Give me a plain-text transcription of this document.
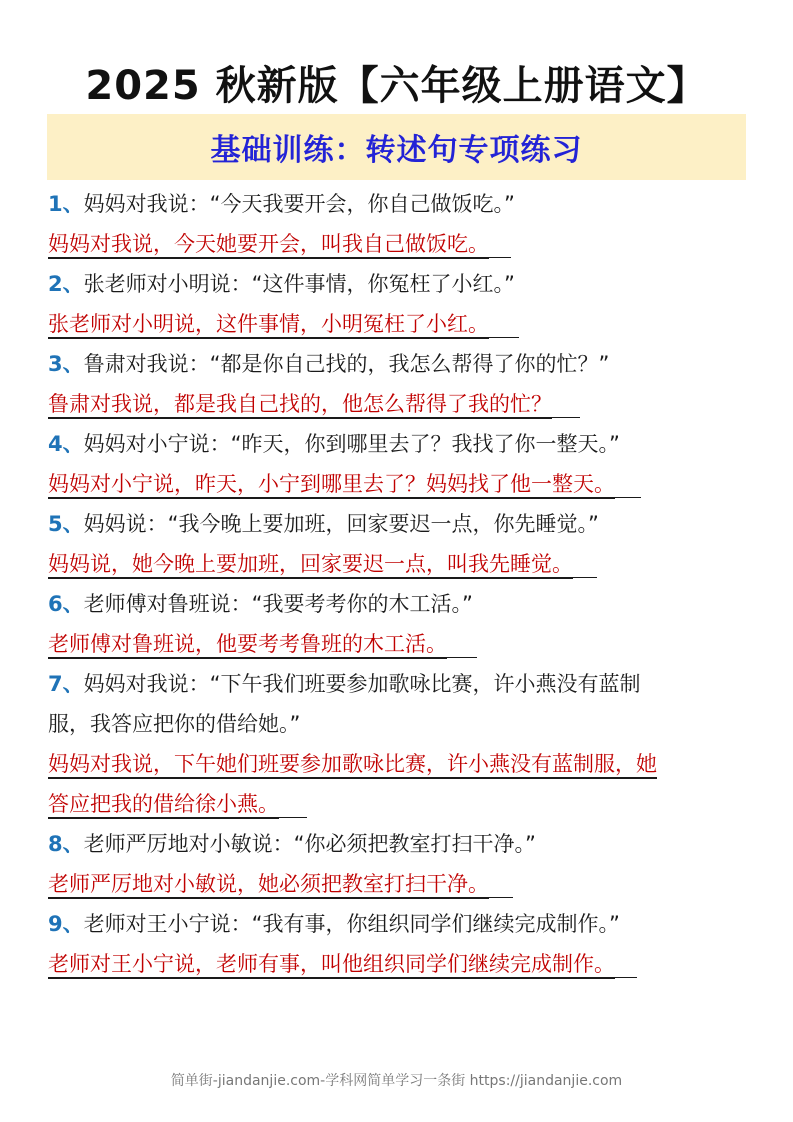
2025 秋新版【六年级上册语文】
基础训练：转述句专项练习
1、妈妈对我说：“今天我要开会，你自己做饭吃。”
妈妈对我说，今天她要开会，叫我自己做饭吃。
2、张老师对小明说：“这件事情，你冤枉了小红。”
张老师对小明说，这件事情，小明冤枉了小红。
3、鲁肃对我说：“都是你自己找的，我怎么帮得了你的忙？”
鲁肃对我说，都是我自己找的，他怎么帮得了我的忙？
4、妈妈对小宁说：“昨天，你到哪里去了？我找了你一整天。”
妈妈对小宁说，昨天，小宁到哪里去了？妈妈找了他一整天。
5、妈妈说：“我今晚上要加班，回家要迟一点，你先睡觉。”
妈妈说，她今晚上要加班，回家要迟一点，叫我先睡觉。
6、老师傅对鲁班说：“我要考考你的木工活。”
老师傅对鲁班说，他要考考鲁班的木工活。
7、妈妈对我说：“下午我们班要参加歌咏比赛，许小燕没有蓝制
服，我答应把你的借给她。”
妈妈对我说，下午她们班要参加歌咏比赛，许小燕没有蓝制服，她
答应把我的借给徐小燕。
8、老师严厉地对小敏说：“你必须把教室打扫干净。”
老师严厉地对小敏说，她必须把教室打扫干净。
9、老师对王小宁说：“我有事，你组织同学们继续完成制作。”
老师对王小宁说，老师有事，叫他组织同学们继续完成制作。
简单街-jiandanjie.com-学科网简单学习一条街 https://jiandanjie.com
